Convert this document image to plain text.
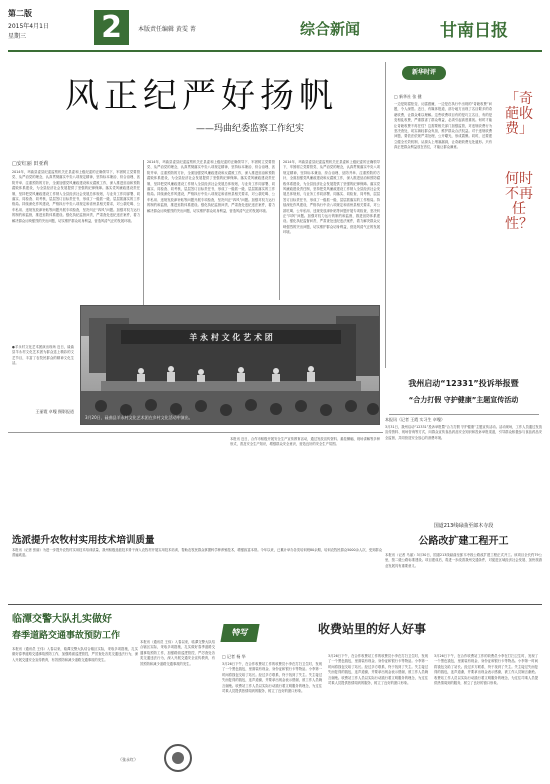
第二版
2015年4月1日
星期三	2	本版责任编辑 黄雯 菁	综合新闻	甘南日报
风正纪严好扬帆
——玛曲纪委监察工作纪实
□安红丽 田亚莉
2014年，玛曲县委县纪委监察机关在县委和上级纪委的正确领导下，牢固树立党要管党、从严治党的理念，认真贯彻落实中央八项规定精神，坚持标本兼治、综合治理、惩防并举、注重预防的方针，全面加强党风廉政建设和反腐败工作，深入推进惩治和预防腐败体系建设，为全县经济社会发展提供了坚强的纪律保障。落实党风廉政建设责任制，坚持把党风廉政建设工作纳入全县经济社会发展总体规划，与业务工作同部署、同落实、同检查、同考核，层层签订目标责任书，形成了一级抓一级、层层抓落实的工作格局。持续深化作风建设，严格执行中央八项规定和省州县相关要求，对公款吃喝、公车私用、违规发放津补贴等问题开展专项检查，坚决纠正“四风”问题。加强对权力运行的制约和监督，推进惩防体系建设。强化执纪监督问责，严肃查处违纪违法案件，着力解决群众反映强烈的突出问题，切实维护群众切身利益，营造风清气正的发展环境。
2014年，玛曲县委县纪委监察机关在县委和上级纪委的正确领导下，牢固树立党要管党、从严治党的理念，认真贯彻落实中央八项规定精神，坚持标本兼治、综合治理、惩防并举、注重预防的方针，全面加强党风廉政建设和反腐败工作，深入推进惩治和预防腐败体系建设，为全县经济社会发展提供了坚强的纪律保障。落实党风廉政建设责任制，坚持把党风廉政建设工作纳入全县经济社会发展总体规划，与业务工作同部署、同落实、同检查、同考核，层层签订目标责任书，形成了一级抓一级、层层抓落实的工作格局。持续深化作风建设，严格执行中央八项规定和省州县相关要求，对公款吃喝、公车私用、违规发放津补贴等问题开展专项检查，坚决纠正“四风”问题。加强对权力运行的制约和监督，推进惩防体系建设。强化执纪监督问责，严肃查处违纪违法案件，着力解决群众反映强烈的突出问题，切实维护群众切身利益，营造风清气正的发展环境。
2014年，玛曲县委县纪委监察机关在县委和上级纪委的正确领导下，牢固树立党要管党、从严治党的理念，认真贯彻落实中央八项规定精神，坚持标本兼治、综合治理、惩防并举、注重预防的方针，全面加强党风廉政建设和反腐败工作，深入推进惩治和预防腐败体系建设，为全县经济社会发展提供了坚强的纪律保障。落实党风廉政建设责任制，坚持把党风廉政建设工作纳入全县经济社会发展总体规划，与业务工作同部署、同落实、同检查、同考核，层层签订目标责任书，形成了一级抓一级、层层抓落实的工作格局。持续深化作风建设，严格执行中央八项规定和省州县相关要求，对公款吃喝、公车私用、违规发放津补贴等问题开展专项检查，坚决纠正“四风”问题。加强对权力运行的制约和监督，推进惩防体系建设。强化执纪监督问责，严肃查处违纪违法案件，着力解决群众反映强烈的突出问题，切实维护群众切身利益，营造风清气正的发展环境。
●羊永村文化艺术团演出现场 近日，碌曲县羊永村文化艺术团为群众送上精彩的文艺节目，丰富了农牧民群众的精神文化生活。
王丽霞 卓嘎 摄影报道
羊 永 村 文 化 艺 术 团
3月20日，碌曲县羊永村文化艺术团在乡村文化活动中演出。
新华时评
□ 新华社 张 健
一边是防腐拒变、反腐倡廉，一边是在执行中出现的“奇葩收费”问题，令人深思。近日，有媒体报道，部分地方出现了名目繁多的奇葩收费，让群众难以理解。这些收费项目有的是巧立名目，有的是变相乱收费，严重损害了群众利益，必须引起高度重视。何时才能让奇葩收费不再任性？这需要相关部门加强监管，对违规收费行为坚决查处，切实减轻群众负担，维护群众合法权益。对于违规收费问题，要依法依规严肃处理，公开曝光，形成震慑。同时，还要建立健全长效机制，从源头上堵塞漏洞，让奇葩收费无处遁形。只有真正把群众利益放在首位，才能让群众满意。
「奇葩收费」
何时不再任性？
我州启动“12331”投诉举报暨
“合力打假 守护健康”主题宣传活动
本报讯（记者 王霞 实习生 卓嘎）
3月31日，我州启动“12331”投诉举报暨“合力打假 守护健康”主题宣传活动。活动现场，工作人员通过发放宣传资料、现场咨询等方式，向群众宣传食品药品安全知识和投诉举报渠道，引导群众积极参与食品药品安全监督，共同营造安全放心的消费环境。
国道213线碌曲至郎木寺段
公路改扩建工程开工
本报讯（记者 马丽）3月30日，国道213线碌曲至郎木寺段公路改扩建工程正式开工。该项目全长约79公里，按二级公路标准建设。项目建成后，将进一步改善我州交通条件，对促进区域经济社会发展、加快旅游业发展具有重要意义。
本报讯 近日，合作市积极开展安全生产宣传教育活动，通过发放宣传资料、悬挂横幅、现场讲解等多种形式，普及安全生产知识，增强群众安全意识，营造良好的安全生产氛围。
选派提升农牧村实用技术培训质量
本报讯（记者 张丽）为进一步提升农牧村实用技术培训质量，我州积极选派技术骨干深入农牧村开展实用技术培训，帮助农牧民群众掌握科学种养殖技术，增强致富本领。今年以来，已累计举办各类培训班80余期，培训农牧民群众5000余人次，受到群众普遍欢迎。
临潭交警大队扎实做好
春季道路交通事故预防工作
本报讯（通讯员 王伟）入春以来，临潭交警大队结合辖区实际，采取多项措施，扎实做好春季道路交通事故预防工作，加强路面巡逻管控，严厉查处各类交通违法行为，深入开展交通安全宣传教育，有效预防和减少道路交通事故的发生。
（张永红）
本报讯（通讯员 王伟）入春以来，临潭交警大队结合辖区实际，采取多项措施，扎实做好春季道路交通事故预防工作，加强路面巡逻管控，严厉查处各类交通违法行为，深入开展交通安全宣传教育，有效预防和减少道路交通事故的发生。
特写	收费站里的好人好事
□ 记者 杨 华
3月26日下午，在合作收费站工作的收费员小李在打扫卫生时，发现了一个黑色钱包，里面装有现金、身份证和银行卡等物品。小李第一时间将钱包交给了站长。经过多方联系，终于找到了失主。失主接过失而复得的钱包，连声道谢，并要拿出现金表示感谢，被工作人员婉言谢绝。收费站工作人员以实际行动践行着文明服务的理念，为过往司乘人员提供热情周到的服务，树立了良好的窗口形象。
3月26日下午，在合作收费站工作的收费员小李在打扫卫生时，发现了一个黑色钱包，里面装有现金、身份证和银行卡等物品。小李第一时间将钱包交给了站长。经过多方联系，终于找到了失主。失主接过失而复得的钱包，连声道谢，并要拿出现金表示感谢，被工作人员婉言谢绝。收费站工作人员以实际行动践行着文明服务的理念，为过往司乘人员提供热情周到的服务，树立了良好的窗口形象。
3月26日下午，在合作收费站工作的收费员小李在打扫卫生时，发现了一个黑色钱包，里面装有现金、身份证和银行卡等物品。小李第一时间将钱包交给了站长。经过多方联系，终于找到了失主。失主接过失而复得的钱包，连声道谢，并要拿出现金表示感谢，被工作人员婉言谢绝。收费站工作人员以实际行动践行着文明服务的理念，为过往司乘人员提供热情周到的服务，树立了良好的窗口形象。
